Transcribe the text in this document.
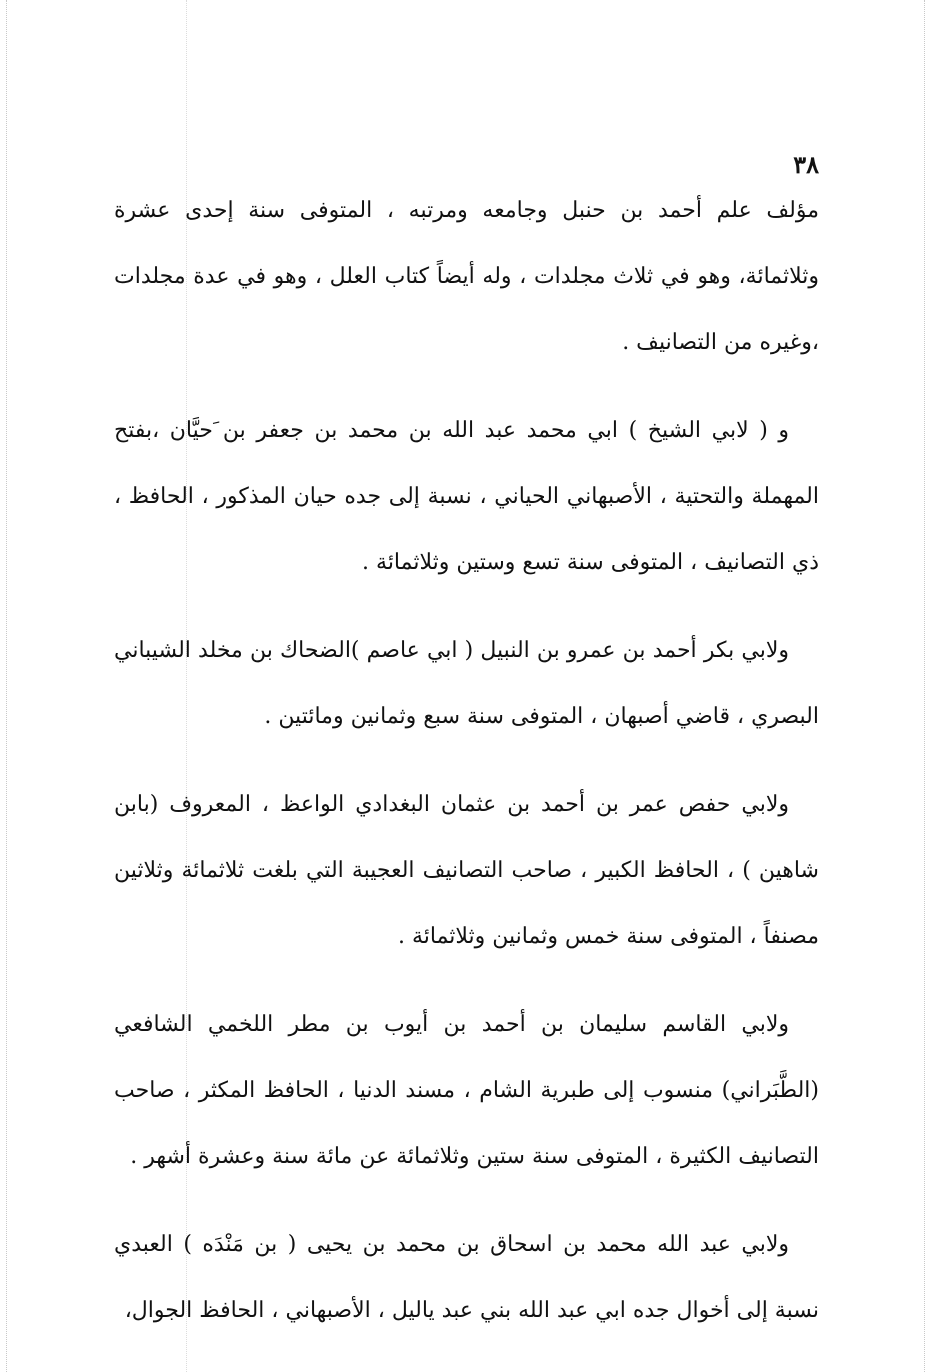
٣٨

مؤلف علم أحمد بن حنبل وجامعه ومرتبه ، المتوفى سنة إحدى عشرة وثلاثمائة، وهو في ثلاث مجلدات ، وله أيضاً كتاب العلل ، وهو في عدة مجلدات ،وغيره من التصانيف .

و ( لابي الشيخ ) ابي محمد عبد الله بن محمد بن جعفر بن َحيَّان ،بفتح المهملة والتحتية ، الأصبهاني الحياني ، نسبة إلى جده حيان المذكور ، الحافظ ، ذي التصانيف ، المتوفى سنة تسع وستين وثلاثمائة .

ولابي بكر أحمد بن عمرو بن النبيل ( ابي عاصم )الضحاك بن مخلد الشيباني البصري ، قاضي أصبهان ، المتوفى سنة سبع وثمانين ومائتين .

ولابي حفص عمر بن أحمد بن عثمان البغدادي الواعظ ، المعروف (بابن شاهين ) ، الحافظ الكبير ، صاحب التصانيف العجيبة التي بلغت ثلاثمائة وثلاثين مصنفاً ، المتوفى سنة خمس وثمانين وثلاثمائة .

ولابي القاسم سليمان بن أحمد بن أيوب بن مطر اللخمي الشافعي (الطَّبَراني) منسوب إلى طبرية الشام ، مسند الدنيا ، الحافظ المكثر ، صاحب التصانيف الكثيرة ، المتوفى سنة ستين وثلاثمائة عن مائة سنة وعشرة أشهر .

ولابي عبد الله محمد بن اسحاق بن محمد بن يحيى ( بن مَنْدَه ) العبدي نسبة إلى أخوال جده ابي عبد الله بني عبد ياليل ، الأصبهاني ، الحافظ الجوال،
